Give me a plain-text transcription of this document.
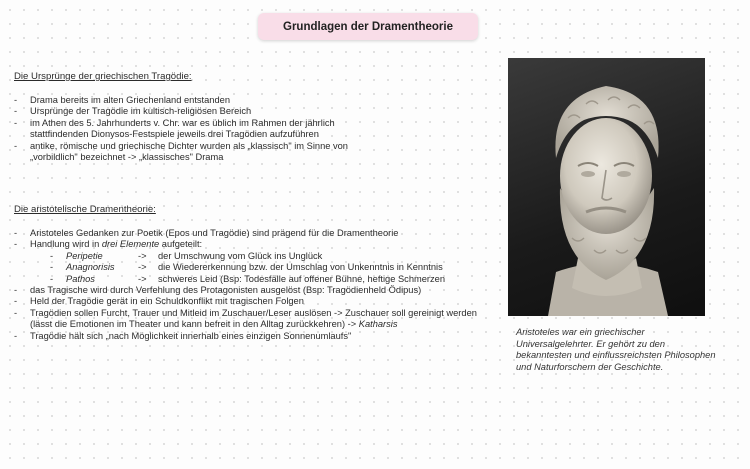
Grundlagen der Dramentheorie
Die Ursprünge der griechischen Tragödie:
- Drama bereits im alten Griechenland entstanden
- Ursprünge der Tragödie im kultisch-religiösen Bereich
- im Athen des 5. Jahrhunderts v. Chr. war es üblich im Rahmen der jährlich stattfindenden Dionysos-Festspiele jeweils drei Tragödien aufzuführen
- antike, römische und griechische Dichter wurden als „klassisch" im Sinne von „vorbildlich" bezeichnet -> „klassisches" Drama
Die aristotelische Dramentheorie:
- Aristoteles Gedanken zur Poetik (Epos und Tragödie) sind prägend für die Dramentheorie
- Handlung wird in drei Elemente aufgeteilt:
- Peripetie	->	der Umschwung vom Glück ins Unglück
- Anagnorisis	->	die Wiedererkennung bzw. der Umschlag von Unkenntnis in Kenntnis
- Pathos	->	schweres Leid (Bsp: Todesfälle auf offener Bühne, heftige Schmerzen
- das Tragische wird durch Verfehlung des Protagonisten ausgelöst (Bsp: Tragödienheld Ödipus)
- Held der Tragödie gerät in ein Schuldkonflikt mit tragischen Folgen
- Tragödien sollen Furcht, Trauer und Mitleid im Zuschauer/Leser auslösen -> Zuschauer soll gereinigt werden (lässt die Emotionen im Theater und kann befreit in den Alltag zurückkehren) -> Katharsis
- Tragödie hält sich „nach Möglichkeit innerhalb eines einzigen Sonnenumlaufs"	Aristoteles war ein griechischer Universalgelehrter. Er gehört zu den bekanntesten und einflussreichsten Philosophen und Naturforschern der Geschichte.
